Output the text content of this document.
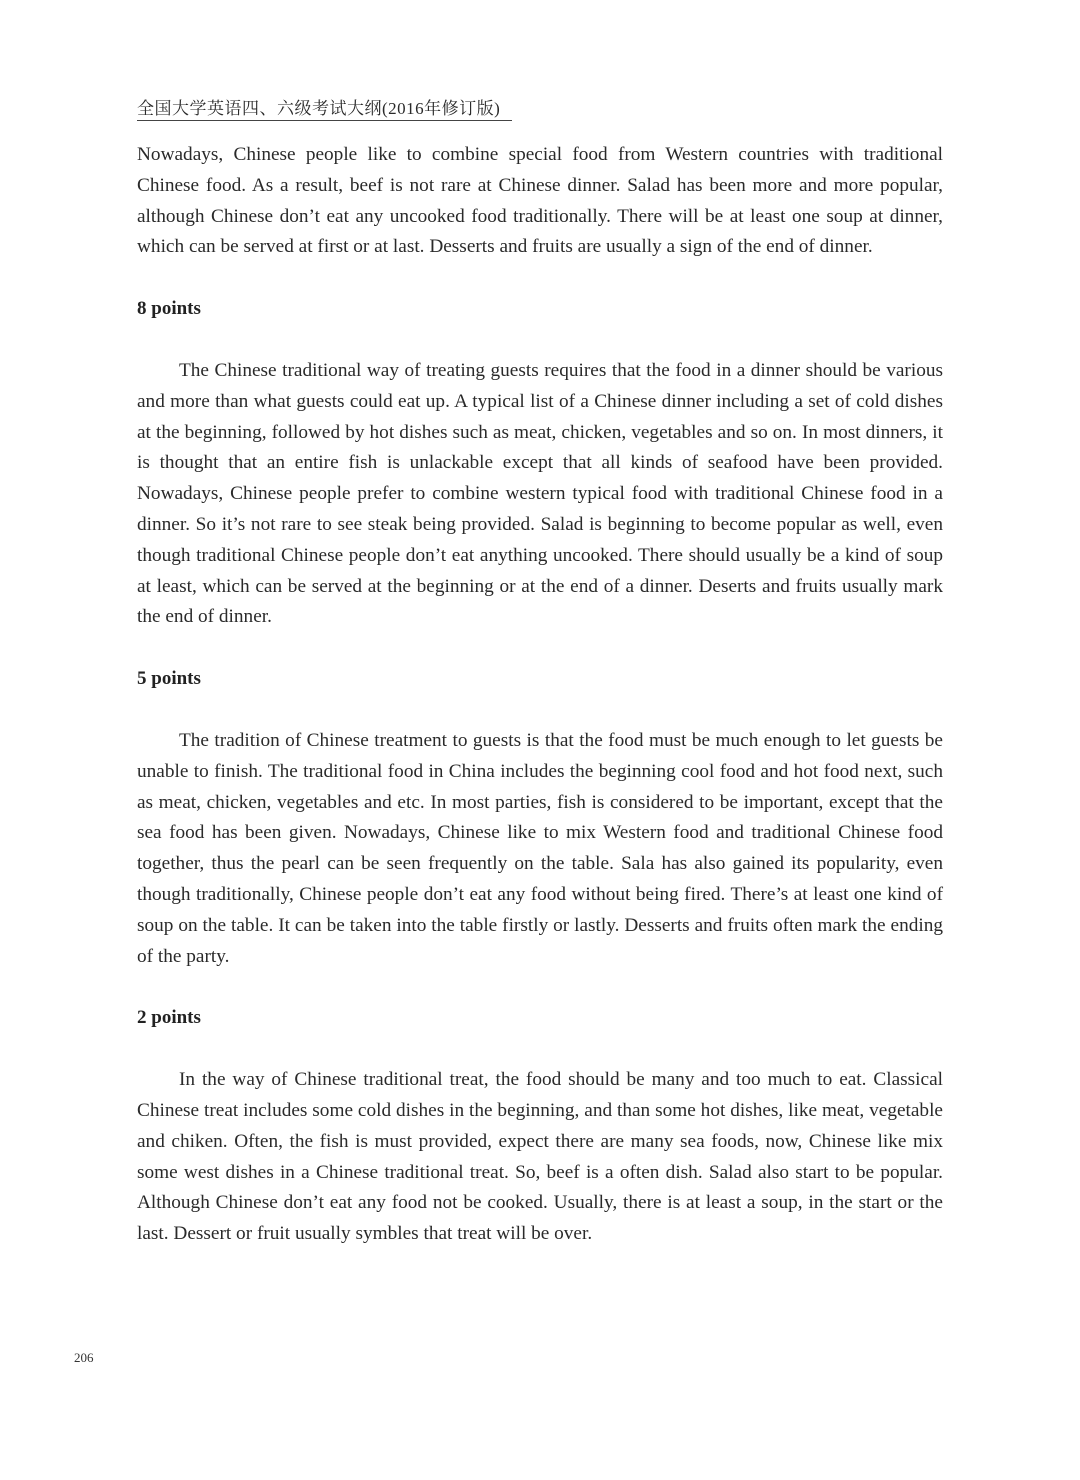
全国大学英语四、六级考试大纲(2016年修订版)

Nowadays, Chinese people like to combine special food from Western countries with traditional Chinese food. As a result, beef is not rare at Chinese dinner. Salad has been more and more popular, although Chinese don’t eat any uncooked food traditionally. There will be at least one soup at dinner, which can be served at first or at last. Desserts and fruits are usually a sign of the end of dinner.

8 points

The Chinese traditional way of treating guests requires that the food in a dinner should be various and more than what guests could eat up. A typical list of a Chinese dinner including a set of cold dishes at the beginning, followed by hot dishes such as meat, chicken, vegetables and so on. In most dinners, it is thought that an entire fish is unlackable except that all kinds of seafood have been provided. Nowadays, Chinese people prefer to combine western typical food with traditional Chinese food in a dinner. So it’s not rare to see steak being provided. Salad is beginning to become popular as well, even though traditional Chinese people don’t eat anything uncooked. There should usually be a kind of soup at least, which can be served at the beginning or at the end of a dinner. Deserts and fruits usually mark the end of dinner.

5 points

The tradition of Chinese treatment to guests is that the food must be much enough to let guests be unable to finish. The traditional food in China includes the beginning cool food and hot food next, such as meat, chicken, vegetables and etc. In most parties, fish is considered to be important, except that the sea food has been given. Nowadays, Chinese like to mix Western food and traditional Chinese food together, thus the pearl can be seen frequently on the table. Sala has also gained its popularity, even though traditionally, Chinese people don’t eat any food without being fired. There’s at least one kind of soup on the table. It can be taken into the table firstly or lastly. Desserts and fruits often mark the ending of the party.

2 points

In the way of Chinese traditional treat, the food should be many and too much to eat. Classical Chinese treat includes some cold dishes in the beginning, and than some hot dishes, like meat, vegetable and chiken. Often, the fish is must provided, expect there are many sea foods, now, Chinese like mix some west dishes in a Chinese traditional treat. So, beef is a often dish. Salad also start to be popular. Although Chinese don’t eat any food not be cooked. Usually, there is at least a soup, in the start or the last. Dessert or fruit usually symbles that treat will be over.

206
